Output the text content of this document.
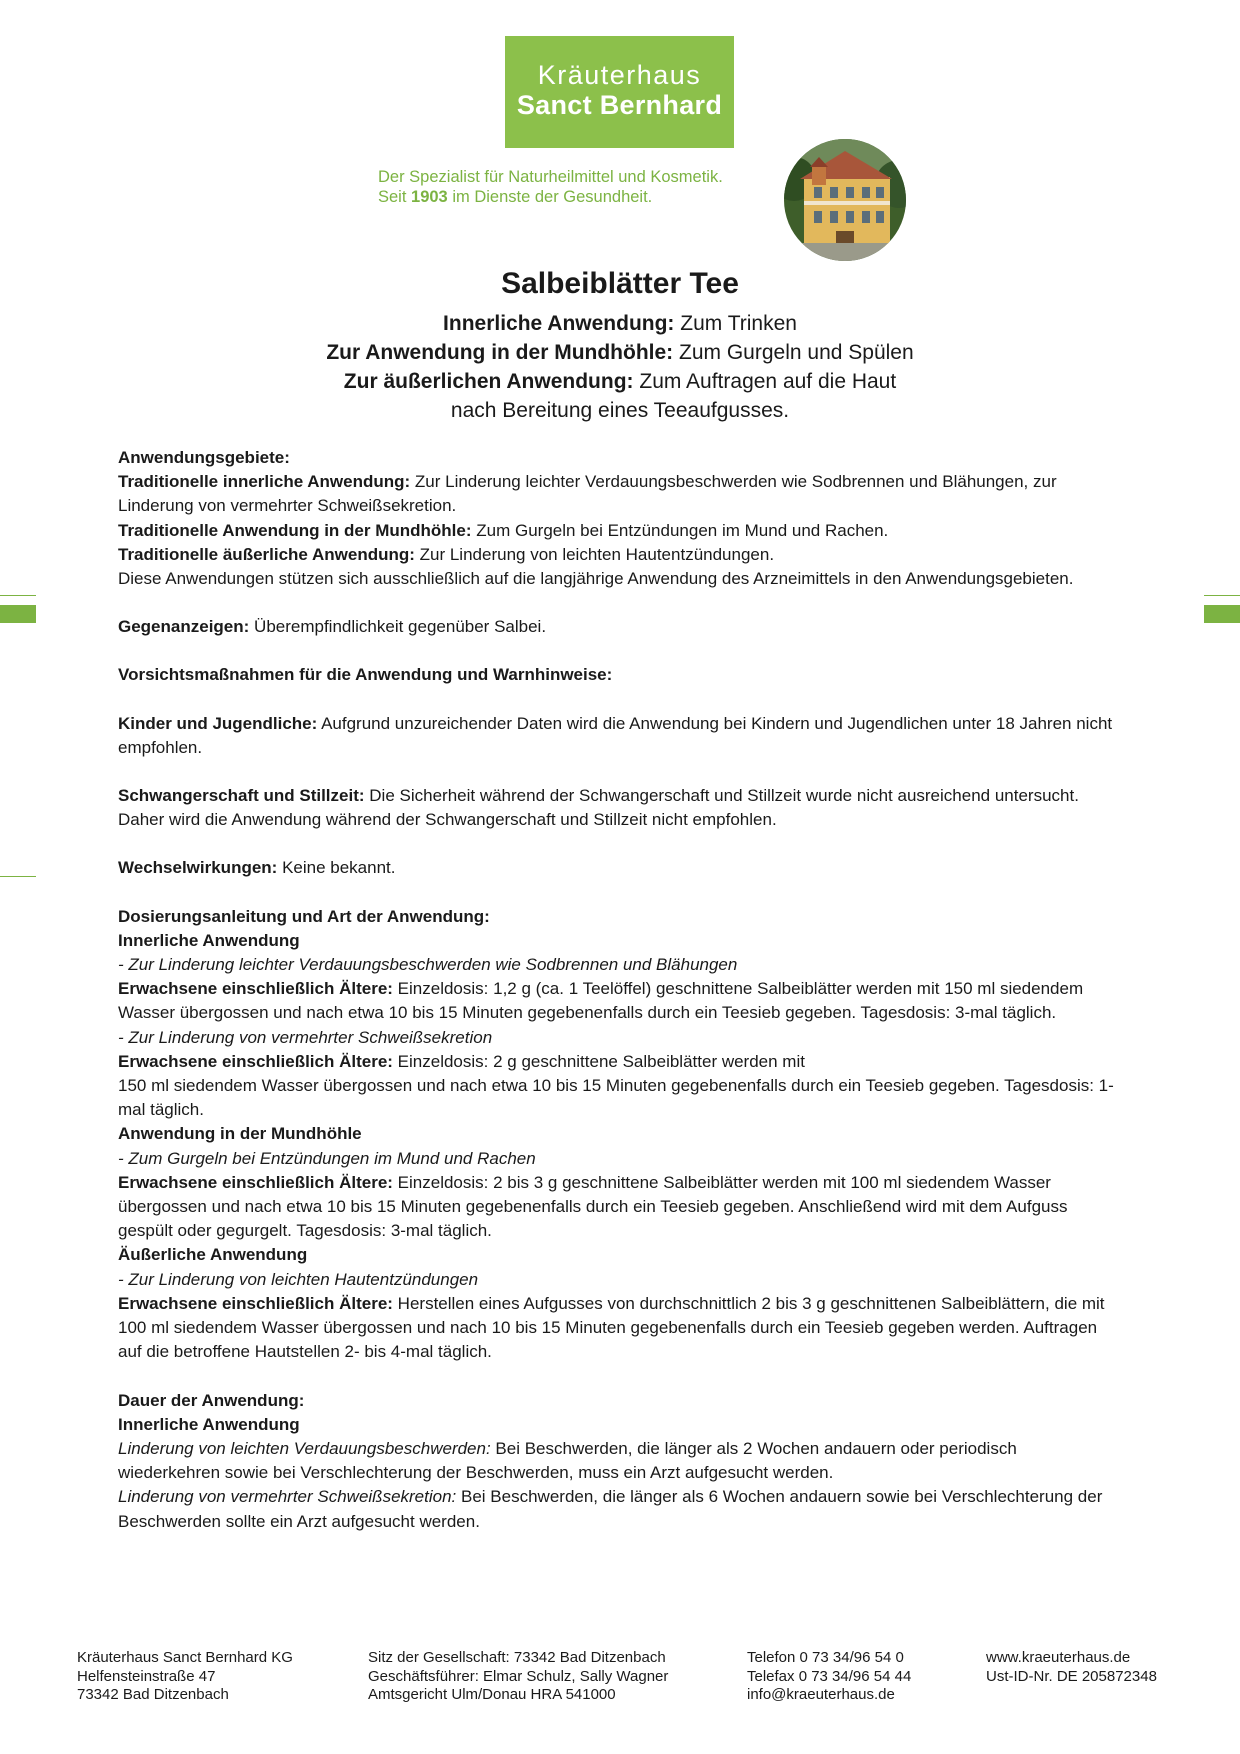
Kräuterhaus
Sanct Bernhard
Der Spezialist für Naturheilmittel und Kosmetik.
Seit 1903 im Dienste der Gesundheit.
Salbeiblätter Tee
Innerliche Anwendung: Zum Trinken
Zur Anwendung in der Mundhöhle: Zum Gurgeln und Spülen
Zur äußerlichen Anwendung: Zum Auftragen auf die Haut
nach Bereitung eines Teeaufgusses.

Anwendungsgebiete:

Traditionelle innerliche Anwendung: Zur Linderung leichter Verdauungsbeschwerden wie Sodbrennen und Blähungen, zur Linderung von vermehrter Schweißsekretion.

Traditionelle Anwendung in der Mundhöhle: Zum Gurgeln bei Entzündungen im Mund und Rachen.

Traditionelle äußerliche Anwendung: Zur Linderung von leichten Hautentzündungen.

Diese Anwendungen stützen sich ausschließlich auf die langjährige Anwendung des Arzneimittels in den Anwendungsgebieten.

Gegenanzeigen: Überempfindlichkeit gegenüber Salbei.

Vorsichtsmaßnahmen für die Anwendung und Warnhinweise:

Kinder und Jugendliche: Aufgrund unzureichender Daten wird die Anwendung bei Kindern und Jugendlichen unter 18 Jahren nicht empfohlen.

Schwangerschaft und Stillzeit: Die Sicherheit während der Schwangerschaft und Stillzeit wurde nicht ausreichend untersucht. Daher wird die Anwendung während der Schwangerschaft und Stillzeit nicht empfohlen.

Wechselwirkungen: Keine bekannt.

Dosierungsanleitung und Art der Anwendung:

Innerliche Anwendung

- Zur Linderung leichter Verdauungsbeschwerden wie Sodbrennen und Blähungen

Erwachsene einschließlich Ältere: Einzeldosis: 1,2 g (ca. 1 Teelöffel) geschnittene Salbeiblätter werden mit 150 ml siedendem Wasser übergossen und nach etwa 10 bis 15 Minuten gegebenenfalls durch ein Teesieb gegeben. Tagesdosis: 3-mal täglich.

- Zur Linderung von vermehrter Schweißsekretion

Erwachsene einschließlich Ältere: Einzeldosis: 2 g geschnittene Salbeiblätter werden mit

150 ml siedendem Wasser übergossen und nach etwa 10 bis 15 Minuten gegebenenfalls durch ein Teesieb gegeben. Tagesdosis: 1-mal täglich.

Anwendung in der Mundhöhle

- Zum Gurgeln bei Entzündungen im Mund und Rachen

Erwachsene einschließlich Ältere: Einzeldosis: 2 bis 3 g geschnittene Salbeiblätter werden mit 100 ml siedendem Wasser übergossen und nach etwa 10 bis 15 Minuten gegebenenfalls durch ein Teesieb gegeben. Anschließend wird mit dem Aufguss gespült oder gegurgelt. Tagesdosis: 3-mal täglich.

Äußerliche Anwendung

- Zur Linderung von leichten Hautentzündungen

Erwachsene einschließlich Ältere: Herstellen eines Aufgusses von durchschnittlich 2 bis 3 g geschnittenen Salbeiblättern, die mit 100 ml siedendem Wasser übergossen und nach 10 bis 15 Minuten gegebenenfalls durch ein Teesieb gegeben werden. Auftragen auf die betroffene Hautstellen 2- bis 4-mal täglich.

Dauer der Anwendung:

Innerliche Anwendung

Linderung von leichten Verdauungsbeschwerden: Bei Beschwerden, die länger als 2 Wochen andauern oder periodisch wiederkehren sowie bei Verschlechterung der Beschwerden, muss ein Arzt aufgesucht werden.

Linderung von vermehrter Schweißsekretion: Bei Beschwerden, die länger als 6 Wochen andauern sowie bei Verschlechterung der Beschwerden sollte ein Arzt aufgesucht werden.

Kräuterhaus Sanct Bernhard KG
Helfensteinstraße 47
73342 Bad Ditzenbach
Sitz der Gesellschaft: 73342 Bad Ditzenbach
Geschäftsführer: Elmar Schulz, Sally Wagner
Amtsgericht Ulm/Donau HRA 541000
Telefon 0 73 34/96 54 0
Telefax 0 73 34/96 54 44
info@kraeuterhaus.de
www.kraeuterhaus.de
Ust-ID-Nr. DE 205872348
